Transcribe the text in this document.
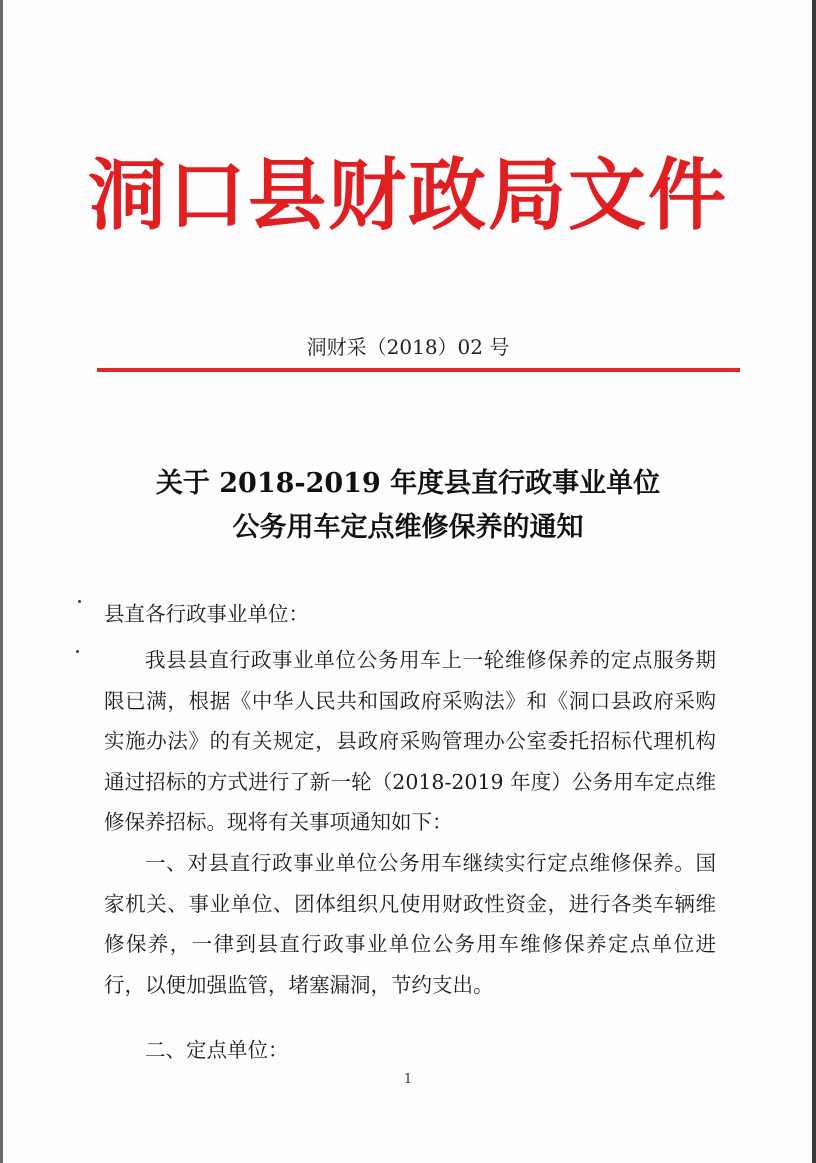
洞口县财政局文件
洞财采（2018）02 号
关于 2018-2019 年度县直行政事业单位
公务用车定点维修保养的通知
县直各行政事业单位：

我县县直行政事业单位公务用车上一轮维修保养的定点服务期限已满，根据《中华人民共和国政府采购法》和《洞口县政府采购实施办法》的有关规定，县政府采购管理办公室委托招标代理机构通过招标的方式进行了新一轮（2018-2019 年度）公务用车定点维修保养招标。现将有关事项通知如下：

一、对县直行政事业单位公务用车继续实行定点维修保养。国家机关、事业单位、团体组织凡使用财政性资金，进行各类车辆维修保养，一律到县直行政事业单位公务用车维修保养定点单位进行，以便加强监管，堵塞漏洞，节约支出。

二、定点单位：

1
